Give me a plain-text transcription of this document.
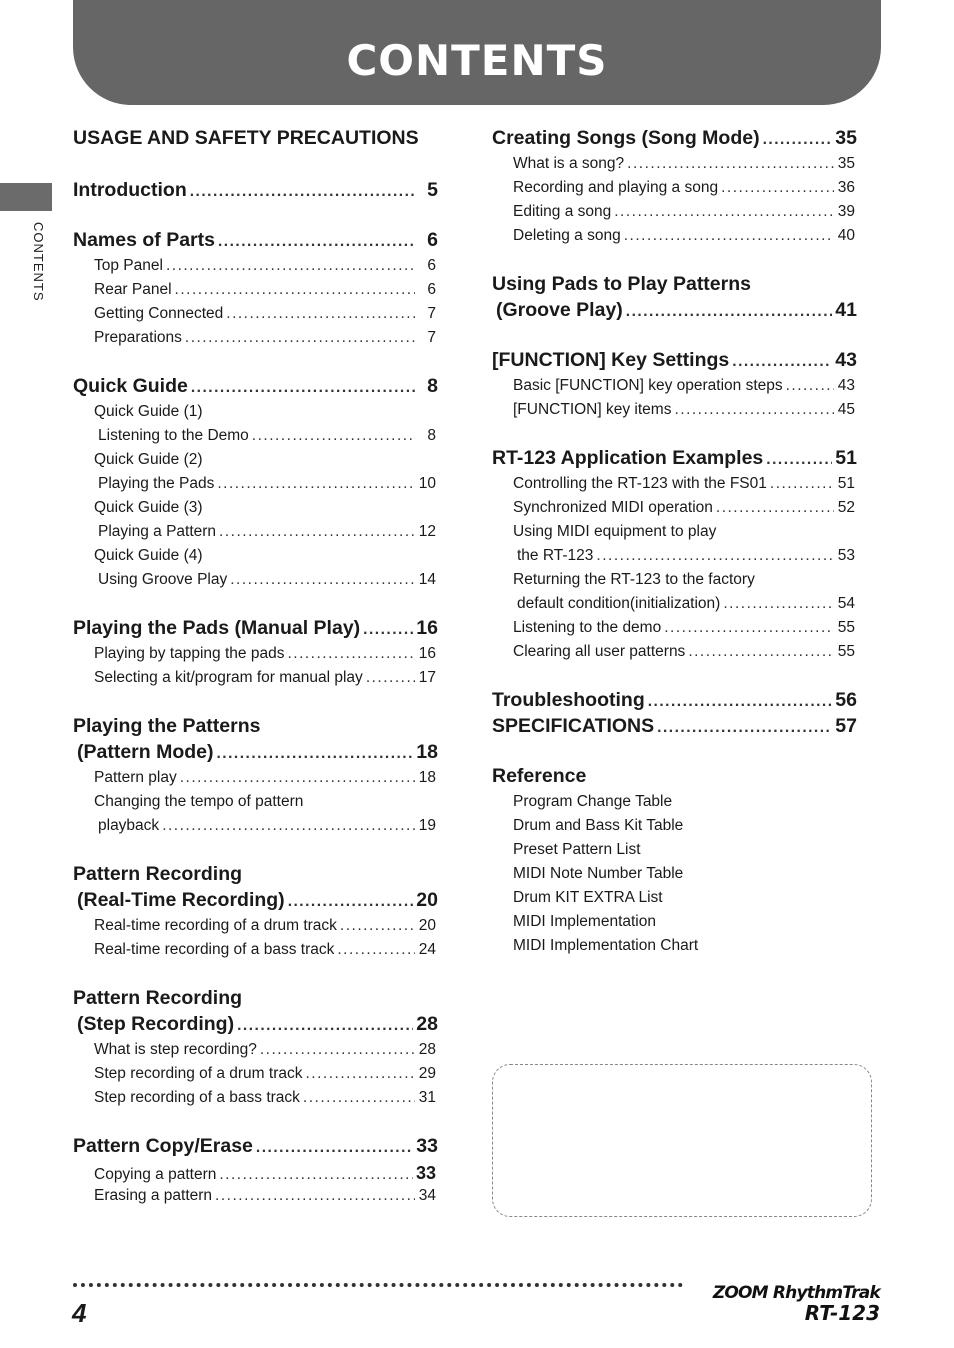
CONTENTS
CONTENTS
USAGE AND SAFETY PRECAUTIONS
Introduction .....	5
Names of Parts .....	6
Top Panel .....	6
Rear Panel .....	6
Getting Connected .....	7
Preparations .....	7
Quick Guide .....	8
Quick Guide (1)
Listening to the Demo .....	8
Quick Guide (2)
Playing the Pads .....	10
Quick Guide (3)
Playing a Pattern .....	12
Quick Guide (4)
Using Groove Play .....	14
Playing the Pads (Manual Play) .....	16
Playing by tapping the pads .....	16
Selecting a kit/program for manual play .....	17
Playing the Patterns
(Pattern Mode) .....	18
Pattern play .....	18
Changing the tempo of pattern
playback .....	19
Pattern Recording
(Real-Time Recording) .....	20
Real-time recording of a drum track .....	20
Real-time recording of a bass track .....	24
Pattern Recording
(Step Recording) .....	28
What is step recording? .....	28
Step recording of a drum track .....	29
Step recording of a bass track .....	31
Pattern Copy/Erase .....	33
Copying a pattern .....	33
Erasing a pattern .....	34
Creating Songs (Song Mode) .....	35
What is a song? .....	35
Recording and playing a song .....	36
Editing a song .....	39
Deleting a song .....	40
Using Pads to Play Patterns
(Groove Play) .....	41
[FUNCTION] Key Settings .....	43
Basic [FUNCTION] key operation steps .....	43
[FUNCTION] key items .....	45
RT-123 Application Examples .....	51
Controlling the RT-123 with the FS01 .....	51
Synchronized MIDI operation .....	52
Using MIDI equipment to play
the RT-123 .....	53
Returning the RT-123 to the factory
default condition(initialization) .....	54
Listening to the demo .....	55
Clearing all user patterns .....	55
Troubleshooting .....	56
SPECIFICATIONS .....	57
Reference
Program Change Table
Drum and Bass Kit Table
Preset Pattern List
MIDI Note Number Table
Drum KIT EXTRA List
MIDI Implementation
MIDI Implementation Chart
4
ZOOM RhythmTrak
RT-123
